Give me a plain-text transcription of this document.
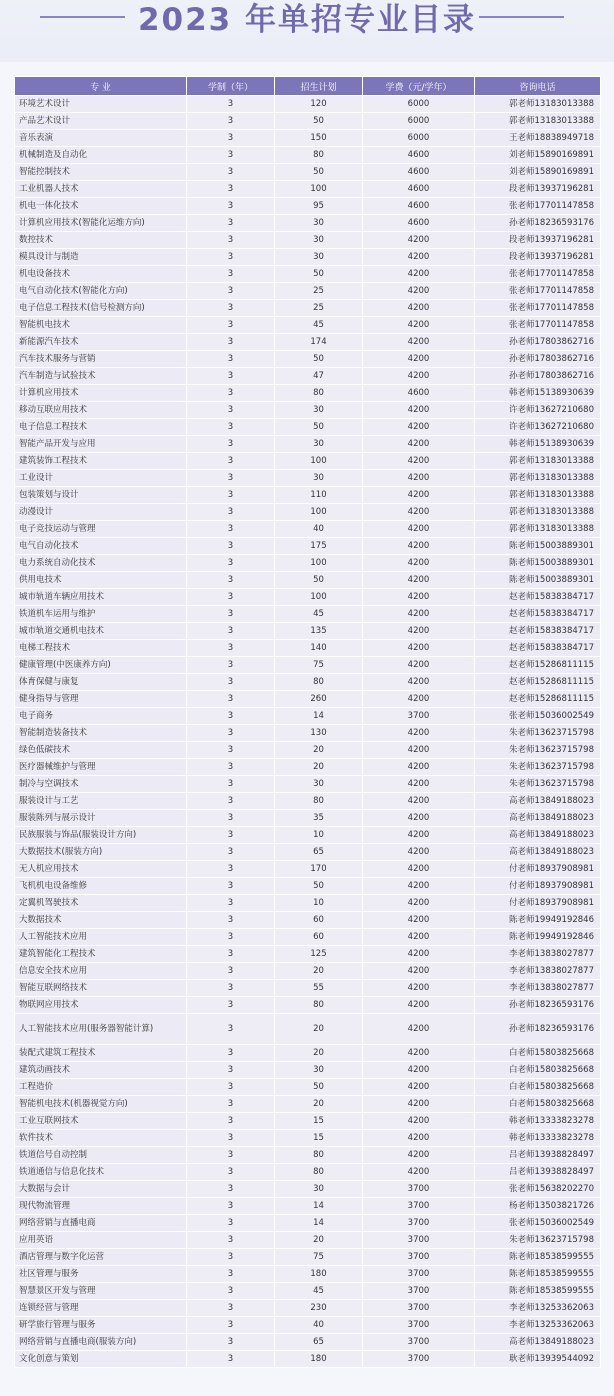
2023 年单招专业目录
专 业	学制（年）	招生计划	学费（元/学年）	咨询电话
环境艺术设计	3	120	6000	郭老师13183013388
产品艺术设计	3	50	6000	郭老师13183013388
音乐表演	3	150	6000	王老师18838949718
机械制造及自动化	3	80	4600	刘老师15890169891
智能控制技术	3	50	4600	刘老师15890169891
工业机器人技术	3	100	4600	段老师13937196281
机电一体化技术	3	95	4600	张老师17701147858
计算机应用技术(智能化运维方向)	3	30	4600	孙老师18236593176
数控技术	3	30	4200	段老师13937196281
模具设计与制造	3	30	4200	段老师13937196281
机电设备技术	3	50	4200	张老师17701147858
电气自动化技术(智能化方向)	3	25	4200	张老师17701147858
电子信息工程技术(信号检测方向)	3	25	4200	张老师17701147858
智能机电技术	3	45	4200	张老师17701147858
新能源汽车技术	3	174	4200	孙老师17803862716
汽车技术服务与营销	3	50	4200	孙老师17803862716
汽车制造与试验技术	3	47	4200	孙老师17803862716
计算机应用技术	3	80	4600	韩老师15138930639
移动互联应用技术	3	30	4200	许老师13627210680
电子信息工程技术	3	50	4200	许老师13627210680
智能产品开发与应用	3	30	4200	韩老师15138930639
建筑装饰工程技术	3	100	4200	郭老师13183013388
工业设计	3	30	4200	郭老师13183013388
包装策划与设计	3	110	4200	郭老师13183013388
动漫设计	3	100	4200	郭老师13183013388
电子竞技运动与管理	3	40	4200	郭老师13183013388
电气自动化技术	3	175	4200	陈老师15003889301
电力系统自动化技术	3	100	4200	陈老师15003889301
供用电技术	3	50	4200	陈老师15003889301
城市轨道车辆应用技术	3	100	4200	赵老师15838384717
铁道机车运用与维护	3	45	4200	赵老师15838384717
城市轨道交通机电技术	3	135	4200	赵老师15838384717
电梯工程技术	3	140	4200	赵老师15838384717
健康管理(中医康养方向)	3	75	4200	赵老师15286811115
体育保健与康复	3	80	4200	赵老师15286811115
健身指导与管理	3	260	4200	赵老师15286811115
电子商务	3	14	3700	张老师15036002549
智能制造装备技术	3	130	4200	朱老师13623715798
绿色低碳技术	3	20	4200	朱老师13623715798
医疗器械维护与管理	3	20	4200	朱老师13623715798
制冷与空调技术	3	30	4200	朱老师13623715798
服装设计与工艺	3	80	4200	高老师13849188023
服装陈列与展示设计	3	35	4200	高老师13849188023
民族服装与饰品(服装设计方向)	3	10	4200	高老师13849188023
大数据技术(服装方向)	3	65	4200	高老师13849188023
无人机应用技术	3	170	4200	付老师18937908981
飞机机电设备维修	3	50	4200	付老师18937908981
定翼机驾驶技术	3	10	4200	付老师18937908981
大数据技术	3	60	4200	陈老师19949192846
人工智能技术应用	3	60	4200	陈老师19949192846
建筑智能化工程技术	3	125	4200	李老师13838027877
信息安全技术应用	3	20	4200	李老师13838027877
智能互联网络技术	3	55	4200	李老师13838027877
物联网应用技术	3	80	4200	孙老师18236593176
人工智能技术应用(服务器智能计算)	3	20	4200	孙老师18236593176
装配式建筑工程技术	3	20	4200	白老师15803825668
建筑动画技术	3	30	4200	白老师15803825668
工程造价	3	50	4200	白老师15803825668
智能机电技术(机器视觉方向)	3	20	4200	白老师15803825668
工业互联网技术	3	15	4200	韩老师13333823278
软件技术	3	15	4200	韩老师13333823278
铁道信号自动控制	3	80	4200	吕老师13938828497
铁道通信与信息化技术	3	80	4200	吕老师13938828497
大数据与会计	3	30	3700	张老师15638202270
现代物流管理	3	14	3700	杨老师13503821726
网络营销与直播电商	3	14	3700	张老师15036002549
应用英语	3	20	3700	朱老师13623715798
酒店管理与数字化运营	3	75	3700	陈老师18538599555
社区管理与服务	3	180	3700	陈老师18538599555
智慧景区开发与管理	3	45	3700	陈老师18538599555
连锁经营与管理	3	230	3700	李老师13253362063
研学旅行管理与服务	3	40	3700	李老师13253362063
网络营销与直播电商(服装方向)	3	65	3700	高老师13849188023
文化创意与策划	3	180	3700	耿老师13939544092
